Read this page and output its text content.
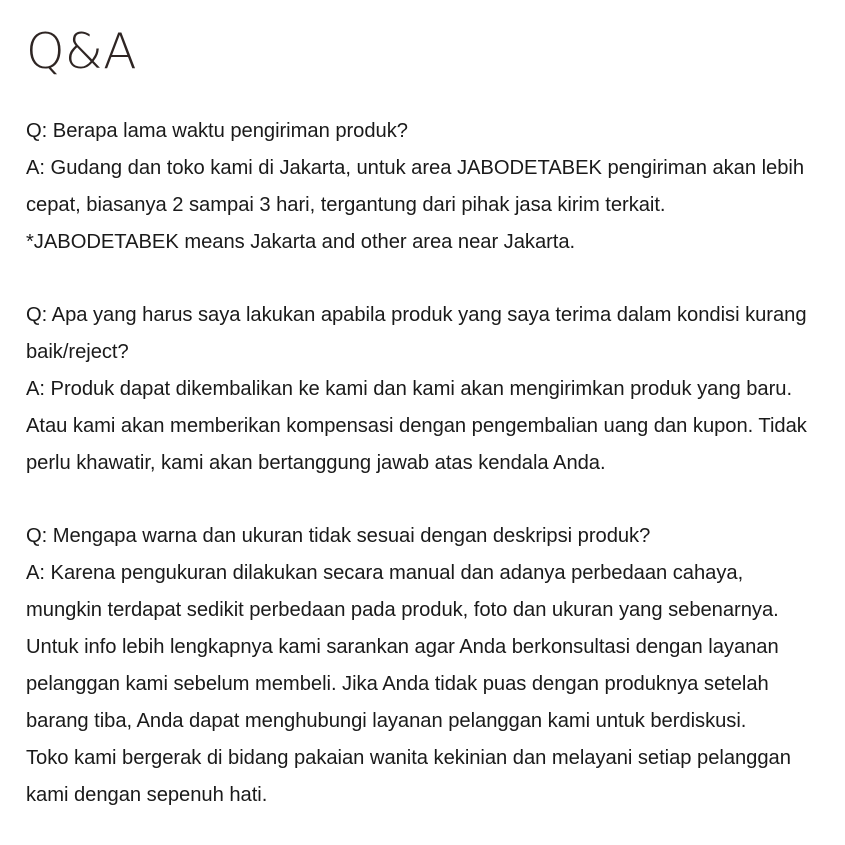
Q&A
Q: Berapa lama waktu pengiriman produk?
A: Gudang dan toko kami di Jakarta, untuk area JABODETABEK pengiriman akan lebih cepat, biasanya 2 sampai 3 hari, tergantung dari pihak jasa kirim terkait.
*JABODETABEK means Jakarta and other area near Jakarta.
Q: Apa yang harus saya lakukan apabila produk yang saya terima dalam kondisi kurang baik/reject?
A: Produk dapat dikembalikan ke kami dan kami akan mengirimkan produk yang baru. Atau kami akan memberikan kompensasi dengan pengembalian uang dan kupon. Tidak perlu khawatir, kami akan bertanggung jawab atas kendala Anda.
Q: Mengapa warna dan ukuran tidak sesuai dengan deskripsi produk?
A: Karena pengukuran dilakukan secara manual dan adanya perbedaan cahaya, mungkin terdapat sedikit perbedaan pada produk, foto dan ukuran yang sebenarnya.
Untuk info lebih lengkapnya kami sarankan agar Anda berkonsultasi dengan layanan pelanggan kami sebelum membeli. Jika Anda tidak puas dengan produknya setelah barang tiba, Anda dapat menghubungi layanan pelanggan kami untuk berdiskusi.
Toko kami bergerak di bidang pakaian wanita kekinian dan melayani setiap pelanggan kami dengan sepenuh hati.
